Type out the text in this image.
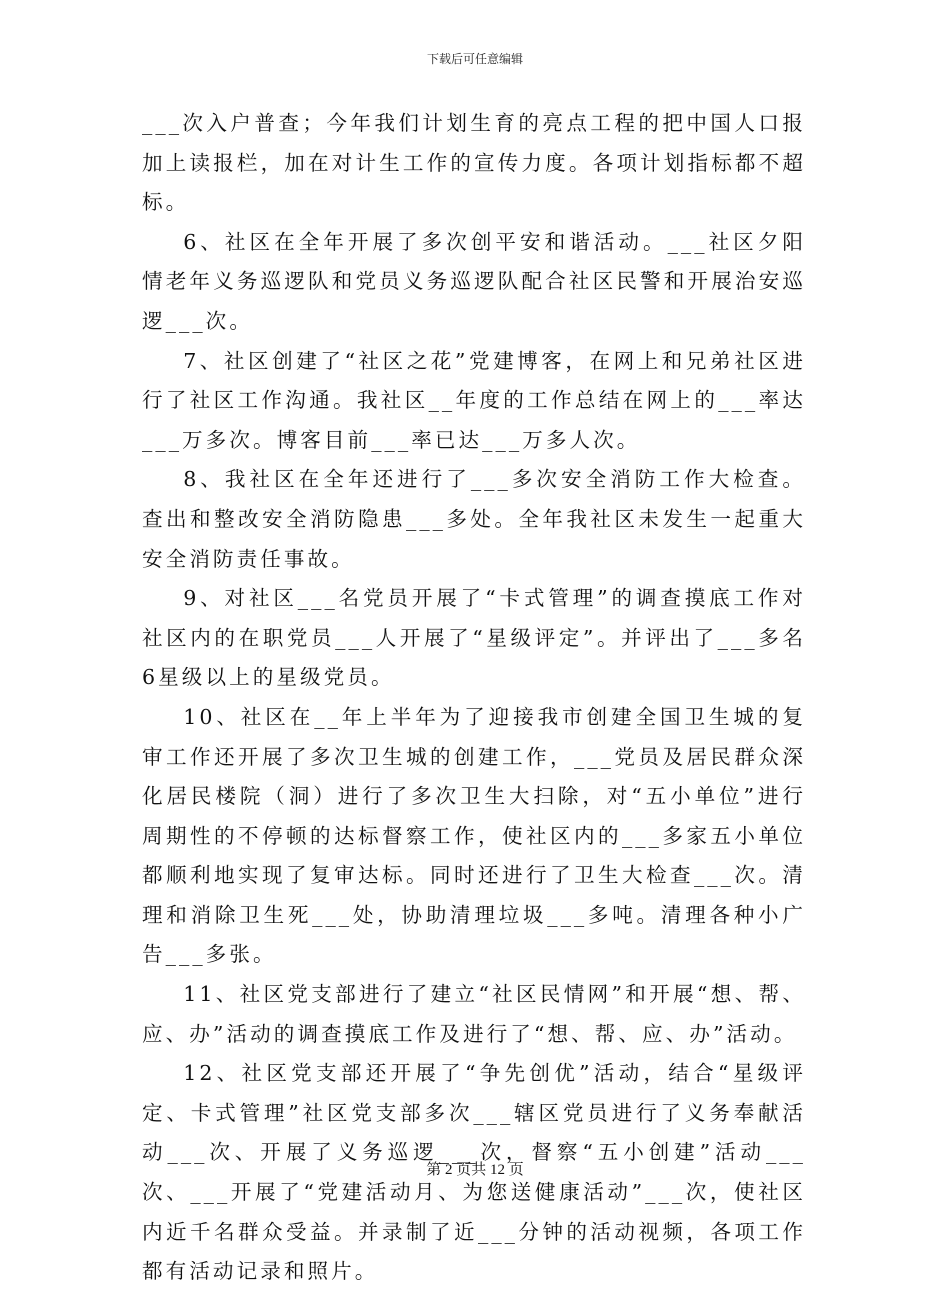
下载后可任意编辑

___次入户普查；今年我们计划生育的亮点工程的把中国人口报加上读报栏，加在对计生工作的宣传力度。各项计划指标都不超标。

6、社区在全年开展了多次创平安和谐活动。___社区夕阳情老年义务巡逻队和党员义务巡逻队配合社区民警和开展治安巡逻___次。

7、社区创建了“社区之花”党建博客，在网上和兄弟社区进行了社区工作沟通。我社区__年度的工作总结在网上的___率达___万多次。博客目前___率已达___万多人次。

8、我社区在全年还进行了___多次安全消防工作大检查。查出和整改安全消防隐患___多处。全年我社区未发生一起重大安全消防责任事故。

9、对社区___名党员开展了“卡式管理”的调查摸底工作对社区内的在职党员___人开展了“星级评定”。并评出了___多名6星级以上的星级党员。

10、社区在__年上半年为了迎接我市创建全国卫生城的复审工作还开展了多次卫生城的创建工作，___党员及居民群众深化居民楼院（洞）进行了多次卫生大扫除，对“五小单位”进行周期性的不停顿的达标督察工作，使社区内的___多家五小单位都顺利地实现了复审达标。同时还进行了卫生大检查___次。清理和消除卫生死___处，协助清理垃圾___多吨。清理各种小广告___多张。

11、社区党支部进行了建立“社区民情网”和开展“想、帮、应、办”活动的调查摸底工作及进行了“想、帮、应、办”活动。

12、社区党支部还开展了“争先创优”活动，结合“星级评定、卡式管理”社区党支部多次___辖区党员进行了义务奉献活动___次、开展了义务巡逻___次，督察“五小创建”活动___次、___开展了“党建活动月、为您送健康活动”___次，使社区内近千名群众受益。并录制了近___分钟的活动视频，各项工作都有活动记录和照片。

第 2 页共 12 页
